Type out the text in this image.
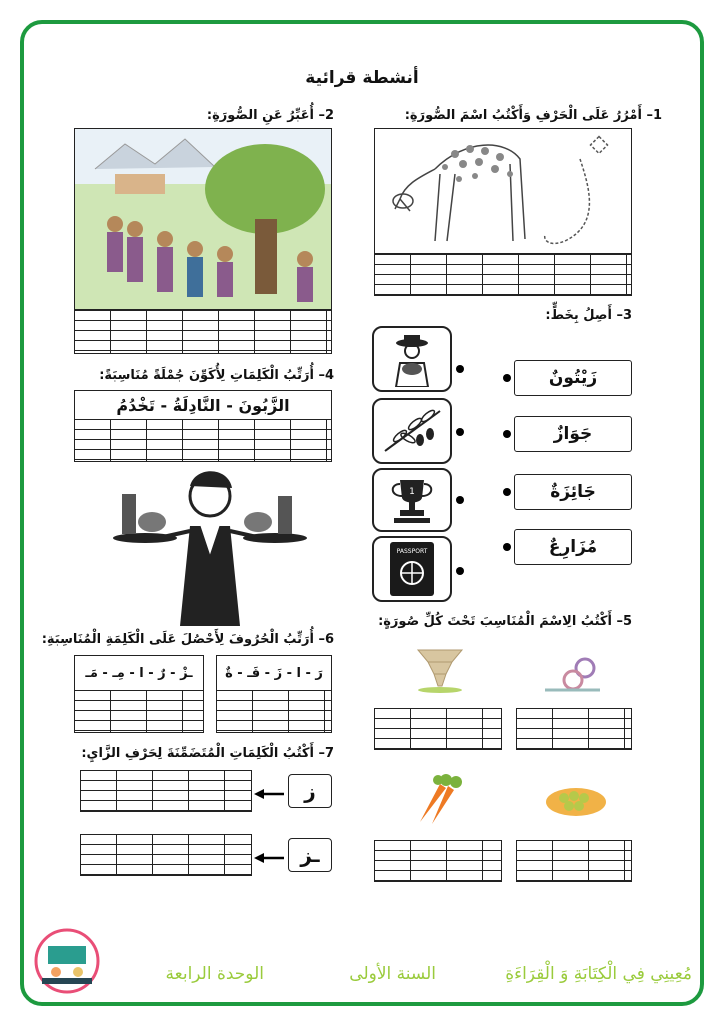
أنشطة قرائية
1– أَمْرُرُ عَلَى الْحَرْفِ وَأَكْتُبُ اسْمَ الصُّورَةِ:
2– أُعَبِّرُ عَنِ الصُّورَةِ:
3– أَصِلُ بِخَطٍّ:
1
PASSPORT
زَيْتُونٌ
جَوَازٌ
جَائِزَةٌ
مُزَارِعٌ
4– أُرَتِّبُ الْكَلِمَاتِ لِأُكَوِّنَ جُمْلَةً مُنَاسِبَةً:
الزَّبُونَ - النَّادِلَةُ - تَخْدُمُ
5– أَكْتُبُ الِاسْمَ الْمُنَاسِبَ تَحْتَ كُلِّ صُورَةٍ:
6– أُرَتِّبُ الْحُرُوفَ لِأَحْصُلَ عَلَى الْكَلِمَةِ الْمُنَاسِبَةِ:
رَ - ا - زَ - فَـ - ةٌ
ـزْ - رٌ - ا - مِـ - مَـ
7– أَكْتُبُ الْكَلِمَاتِ الْمُتَضَمِّنَةَ لِحَرْفِ الزَّايِ:
ز
ـز
مُعِينِي فِي الْكِتَابَةِ وَ الْقِرَاءَةِ
السنة الأولى
الوحدة الرابعة
